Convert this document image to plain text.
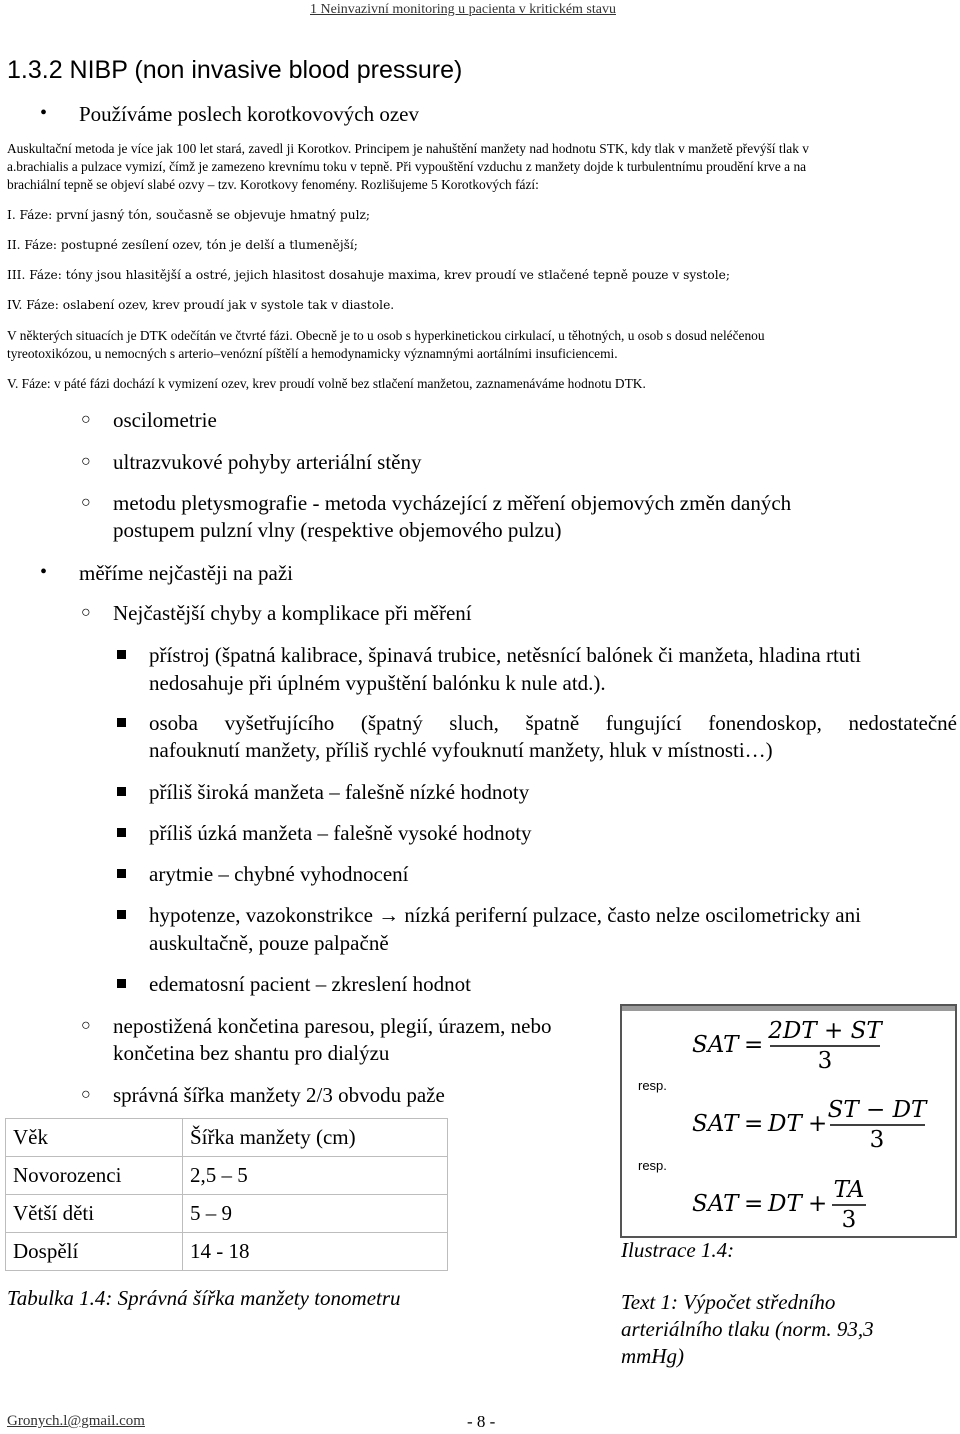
1 Neinvazivní monitoring u pacienta v kritickém stavu
1.3.2 NIBP (non invasive blood pressure)
• Používáme poslech korotkovových ozev
Auskultační metoda je více jak 100 let stará, zavedl ji Korotkov. Principem je nahuštění manžety nad hodnotu STK, kdy tlak v manžetě převýší tlak v
a.brachialis a pulzace vymizí, čímž je zamezeno krevnímu toku v tepně. Při vypouštění vzduchu z manžety dojde k turbulentnímu proudění krve a na
brachiální tepně se objeví slabé ozvy – tzv. Korotkovy fenomény. Rozlišujeme 5 Korotkových fází:
I. Fáze: první jasný tón, současně se objevuje hmatný pulz;
II. Fáze: postupné zesílení ozev, tón je delší a tlumenější;
III. Fáze: tóny jsou hlasitější a ostré, jejich hlasitost dosahuje maxima, krev proudí ve stlačené tepně pouze v systole;
IV. Fáze: oslabení ozev, krev proudí jak v systole tak v diastole.
V některých situacích je DTK odečítán ve čtvrté fázi. Obecně je to u osob s hyperkinetickou cirkulací, u těhotných, u osob s dosud neléčenou
tyreotoxikózou, u nemocných s arterio–venózní píštělí a hemodynamicky významnými aortálními insuficiencemi.
V. Fáze: v páté fázi dochází k vymizení ozev, krev proudí volně bez stlačení manžetou, zaznamenáváme hodnotu DTK.
○ oscilometrie
○ ultrazvukové pohyby arteriální stěny
○ metodu pletysmografie - metoda vycházející z měření objemových změn daných
postupem pulzní vlny (respektive objemového pulzu)
• měříme nejčastěji na paži
○ Nejčastější chyby a komplikace při měření
přístroj (špatná kalibrace, špinavá trubice, netěsnící balónek či manžeta, hladina rtuti
nedosahuje při úplném vypuštění balónku k nule atd.).
osoba vyšetřujícího (špatný sluch, špatně fungující fonendoskop, nedostatečné
nafouknutí manžety, příliš rychlé vyfouknutí manžety, hluk v místnosti…)
příliš široká manžeta – falešně nízké hodnoty
příliš úzká manžeta – falešně vysoké hodnoty
arytmie – chybné vyhodnocení
hypotenze, vazokonstrikce → nízká periferní pulzace, často nelze oscilometricky ani
auskultačně, pouze palpačně
edematosní pacient – zkreslení hodnot
○ nepostižená končetina paresou, plegií, úrazem, nebo
končetina bez shantu pro dialýzu
○ správná šířka manžety 2/3 obvodu paže
Věk	Šířka manžety (cm)
Novorozenci	2,5 – 5
Větší děti	5 – 9
Dospělí	14 - 18
Tabulka 1.4: Správná šířka manžety tonometru
SAT =
2DT + ST
3
resp.
SAT = DT +
ST − DT
3
resp.
SAT = DT +
TA
3
Ilustrace 1.4:
Text 1: Výpočet středního
arteriálního tlaku (norm. 93,3
mmHg)
Gronych.l@gmail.com	- 8 -
